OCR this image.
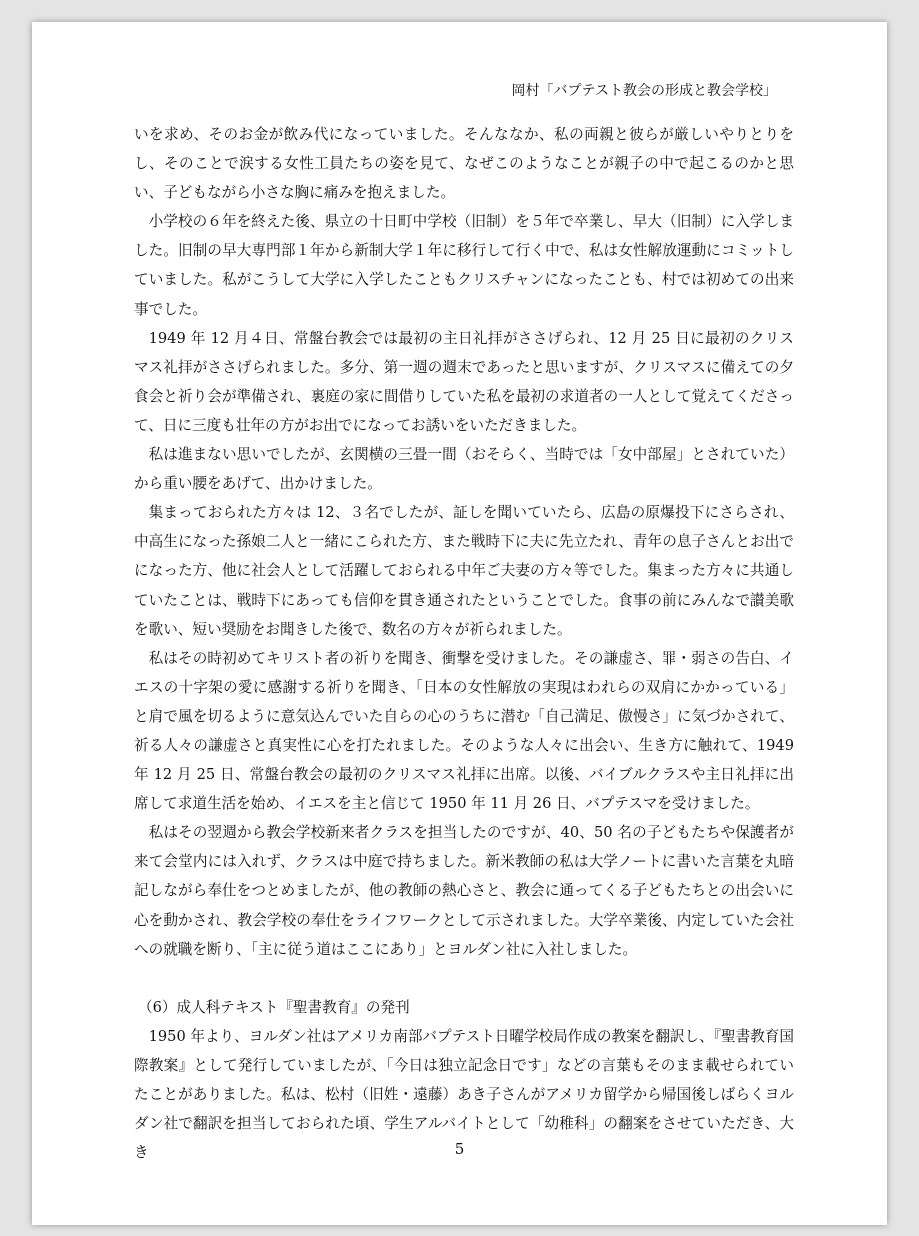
岡村「バプテスト教会の形成と教会学校」

いを求め、そのお金が飲み代になっていました。そんななか、私の両親と彼らが厳しいやりとりをし、そのことで涙する女性工員たちの姿を見て、なぜこのようなことが親子の中で起こるのかと思い、子どもながら小さな胸に痛みを抱えました。

小学校の６年を終えた後、県立の十日町中学校（旧制）を５年で卒業し、早大（旧制）に入学しました。旧制の早大専門部１年から新制大学１年に移行して行く中で、私は女性解放運動にコミットしていました。私がこうして大学に入学したこともクリスチャンになったことも、村では初めての出来事でした。

1949 年 12 月４日、常盤台教会では最初の主日礼拝がささげられ、12 月 25 日に最初のクリスマス礼拝がささげられました。多分、第一週の週末であったと思いますが、クリスマスに備えての夕食会と祈り会が準備され、裏庭の家に間借りしていた私を最初の求道者の一人として覚えてくださって、日に三度も壮年の方がお出でになってお誘いをいただきました。

私は進まない思いでしたが、玄関横の三畳一間（おそらく、当時では「女中部屋」とされていた）から重い腰をあげて、出かけました。

集まっておられた方々は 12、３名でしたが、証しを聞いていたら、広島の原爆投下にさらされ、中高生になった孫娘二人と一緒にこられた方、また戦時下に夫に先立たれ、青年の息子さんとお出でになった方、他に社会人として活躍しておられる中年ご夫妻の方々等でした。集まった方々に共通していたことは、戦時下にあっても信仰を貫き通されたということでした。食事の前にみんなで讃美歌を歌い、短い奨励をお聞きした後で、数名の方々が祈られました。

私はその時初めてキリスト者の祈りを聞き、衝撃を受けました。その謙虚さ、罪・弱さの告白、イエスの十字架の愛に感謝する祈りを聞き、「日本の女性解放の実現はわれらの双肩にかかっている」と肩で風を切るように意気込んでいた自らの心のうちに潜む「自己満足、傲慢さ」に気づかされて、祈る人々の謙虚さと真実性に心を打たれました。そのような人々に出会い、生き方に触れて、1949 年 12 月 25 日、常盤台教会の最初のクリスマス礼拝に出席。以後、バイブルクラスや主日礼拝に出席して求道生活を始め、イエスを主と信じて 1950 年 11 月 26 日、バプテスマを受けました。

私はその翌週から教会学校新来者クラスを担当したのですが、40、50 名の子どもたちや保護者が来て会堂内には入れず、クラスは中庭で持ちました。新米教師の私は大学ノートに書いた言葉を丸暗記しながら奉仕をつとめましたが、他の教師の熱心さと、教会に通ってくる子どもたちとの出会いに心を動かされ、教会学校の奉仕をライフワークとして示されました。大学卒業後、内定していた会社への就職を断り、「主に従う道はここにあり」とヨルダン社に入社しました。

（6）成人科テキスト『聖書教育』の発刊

1950 年より、ヨルダン社はアメリカ南部バプテスト日曜学校局作成の教案を翻訳し、『聖書教育国際教案』として発行していましたが、「今日は独立記念日です」などの言葉もそのまま載せられていたことがありました。私は、松村（旧姓・遠藤）あき子さんがアメリカ留学から帰国後しばらくヨルダン社で翻訳を担当しておられた頃、学生アルバイトとして「幼稚科」の翻案をさせていただき、大き	5
